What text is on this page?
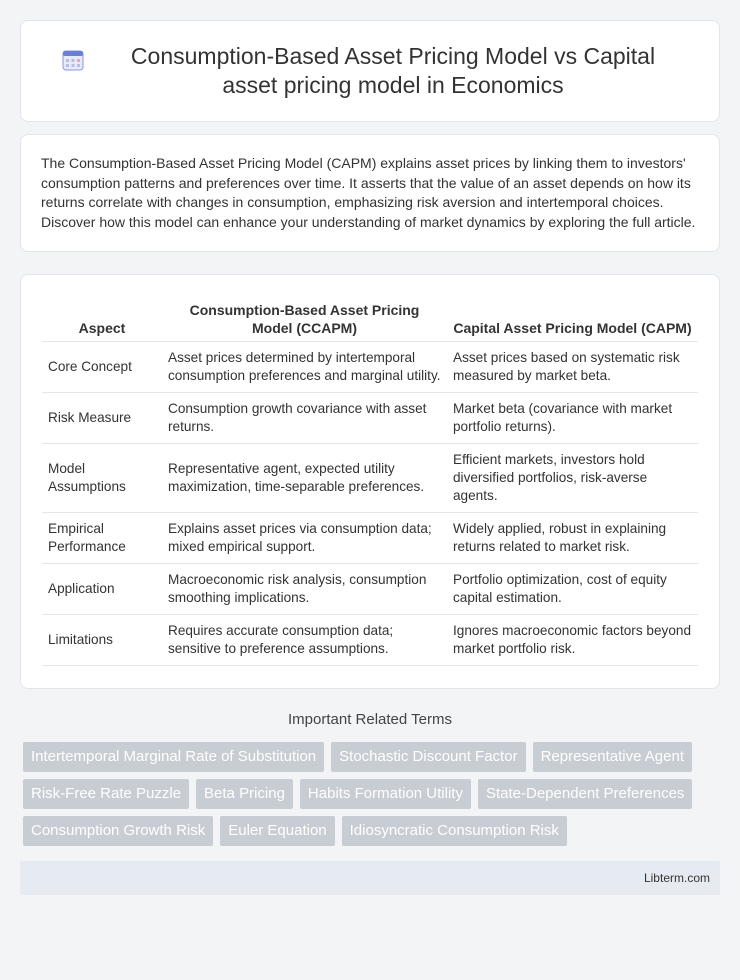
Consumption-Based Asset Pricing Model vs Capital asset pricing model in Economics
The Consumption-Based Asset Pricing Model (CAPM) explains asset prices by linking them to investors' consumption patterns and preferences over time. It asserts that the value of an asset depends on how its returns correlate with changes in consumption, emphasizing risk aversion and intertemporal choices. Discover how this model can enhance your understanding of market dynamics by exploring the full article.
Aspect	Consumption-Based Asset Pricing Model (CCAPM)	Capital Asset Pricing Model (CAPM)
Core Concept	Asset prices determined by intertemporal consumption preferences and marginal utility.	Asset prices based on systematic risk measured by market beta.
Risk Measure	Consumption growth covariance with asset returns.	Market beta (covariance with market portfolio returns).
Model Assumptions	Representative agent, expected utility maximization, time-separable preferences.	Efficient markets, investors hold diversified portfolios, risk-averse agents.
Empirical Performance	Explains asset prices via consumption data; mixed empirical support.	Widely applied, robust in explaining returns related to market risk.
Application	Macroeconomic risk analysis, consumption smoothing implications.	Portfolio optimization, cost of equity capital estimation.
Limitations	Requires accurate consumption data; sensitive to preference assumptions.	Ignores macroeconomic factors beyond market portfolio risk.
Important Related Terms
Intertemporal Marginal Rate of Substitution	Stochastic Discount Factor	Representative Agent
Risk-Free Rate Puzzle	Beta Pricing	Habits Formation Utility	State-Dependent Preferences
Consumption Growth Risk	Euler Equation	Idiosyncratic Consumption Risk
Libterm.com
